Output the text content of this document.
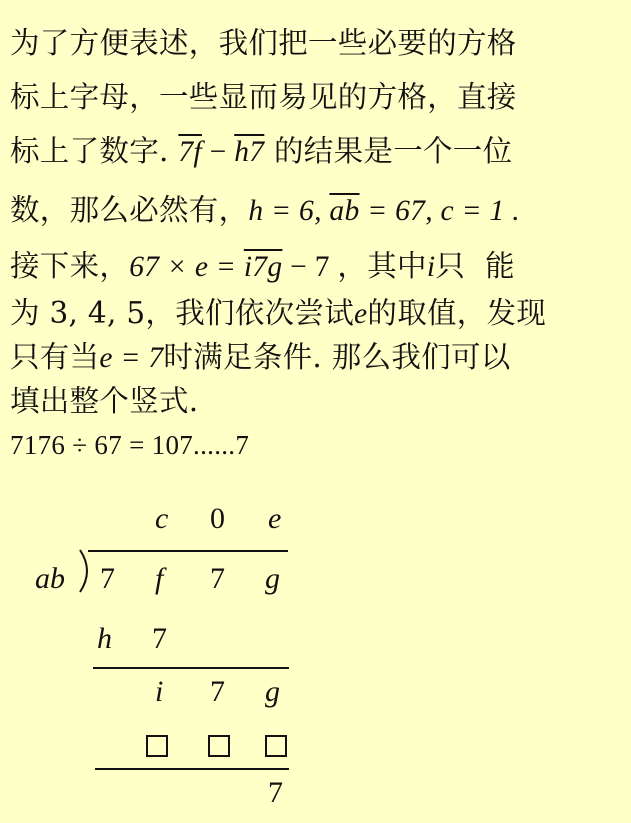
为了方便表述，我们把一些必要的方格
标上字母，一些显而易见的方格，直接
标上了数字. 7f − h7 的结果是一个一位
数，那么必然有，h = 6, $\overline{ab} = 67$, c = 1 .
接下来，67 × e = i7g − 7 ，其中i只 能
为 3, 4, 5，我们依次尝试e的取值，发现
只有当e = 7时满足条件. 那么我们可以
填出整个竖式.
7176 ÷ 67 = 107......7
c 0 e
ab 7 f 7 g
h 7
i 7 g
7
